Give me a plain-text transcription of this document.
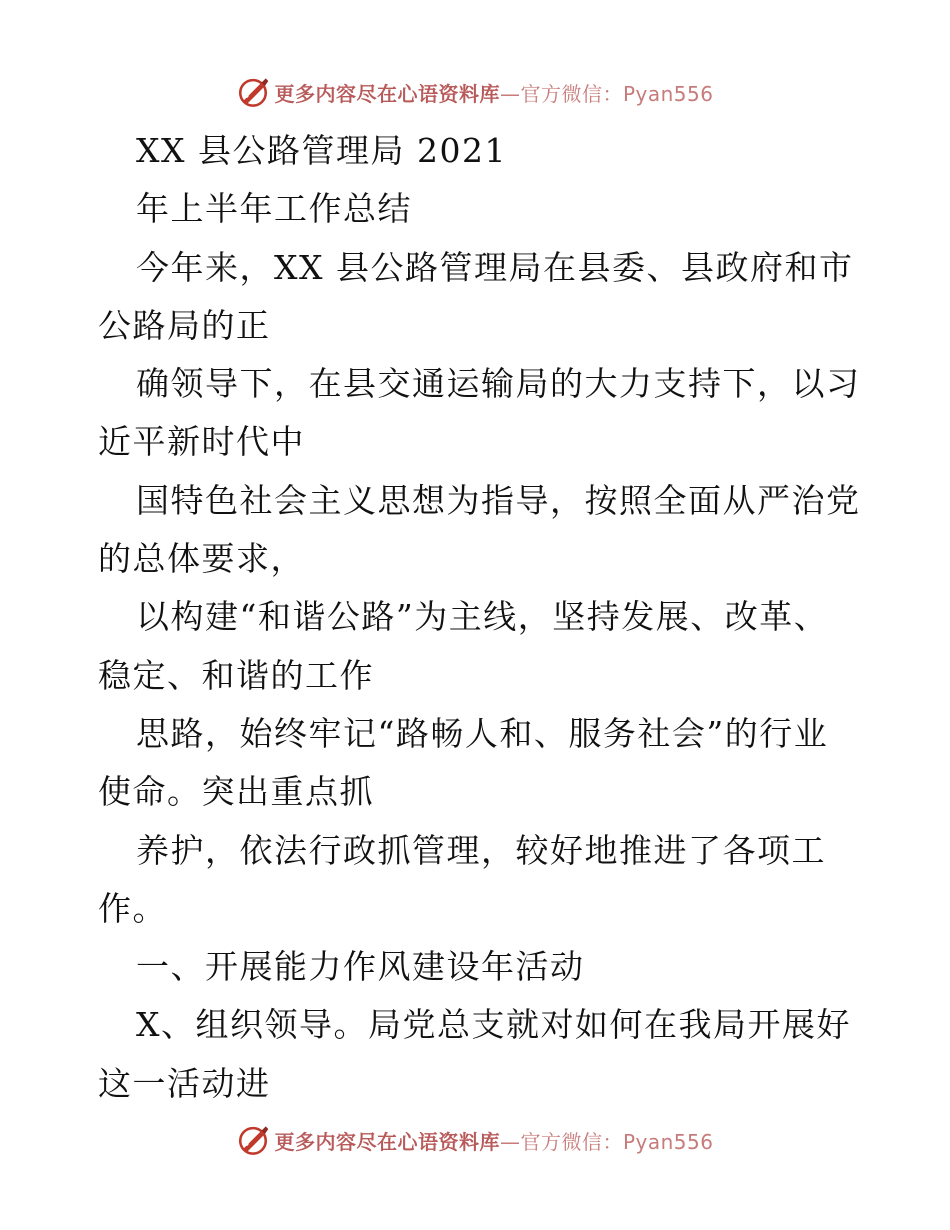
更多内容尽在心语资料库—官方微信：Pyan556
XX 县公路管理局 2021
年上半年工作总结
今年来，XX 县公路管理局在县委、县政府和市
公路局的正
确领导下，在县交通运输局的大力支持下，以习
近平新时代中
国特色社会主义思想为指导，按照全面从严治党
的总体要求，
以构建“和谐公路”为主线，坚持发展、改革、
稳定、和谐的工作
思路，始终牢记“路畅人和、服务社会”的行业
使命。突出重点抓
养护，依法行政抓管理，较好地推进了各项工
作。
一、开展能力作风建设年活动
X、组织领导。局党总支就对如何在我局开展好
这一活动进
更多内容尽在心语资料库—官方微信：Pyan556
